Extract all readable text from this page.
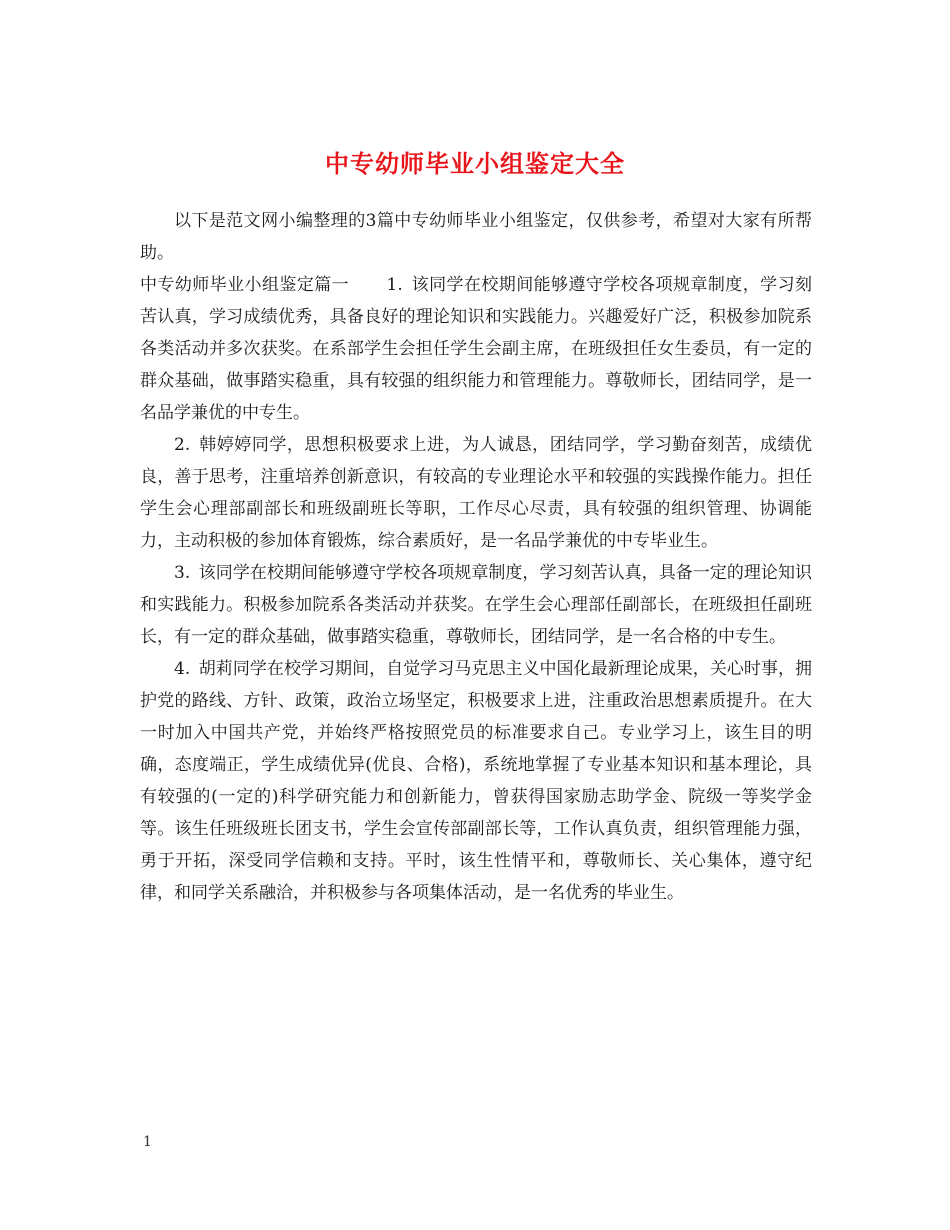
中专幼师毕业小组鉴定大全

以下是范文网小编整理的3篇中专幼师毕业小组鉴定，仅供参考，希望对大家有所帮助。

中专幼师毕业小组鉴定篇一 1. 该同学在校期间能够遵守学校各项规章制度，学习刻苦认真，学习成绩优秀，具备良好的理论知识和实践能力。兴趣爱好广泛，积极参加院系各类活动并多次获奖。在系部学生会担任学生会副主席，在班级担任女生委员，有一定的群众基础，做事踏实稳重，具有较强的组织能力和管理能力。尊敬师长，团结同学，是一名品学兼优的中专生。

2. 韩婷婷同学，思想积极要求上进，为人诚恳，团结同学，学习勤奋刻苦，成绩优良，善于思考，注重培养创新意识，有较高的专业理论水平和较强的实践操作能力。担任学生会心理部副部长和班级副班长等职，工作尽心尽责，具有较强的组织管理、协调能力，主动积极的参加体育锻炼，综合素质好，是一名品学兼优的中专毕业生。

3. 该同学在校期间能够遵守学校各项规章制度，学习刻苦认真，具备一定的理论知识和实践能力。积极参加院系各类活动并获奖。在学生会心理部任副部长，在班级担任副班长，有一定的群众基础，做事踏实稳重，尊敬师长，团结同学，是一名合格的中专生。

4. 胡莉同学在校学习期间，自觉学习马克思主义中国化最新理论成果，关心时事，拥护党的路线、方针、政策，政治立场坚定，积极要求上进，注重政治思想素质提升。在大一时加入中国共产党，并始终严格按照党员的标准要求自己。专业学习上，该生目的明确，态度端正，学生成绩优异(优良、合格)，系统地掌握了专业基本知识和基本理论，具有较强的(一定的)科学研究能力和创新能力，曾获得国家励志助学金、院级一等奖学金等。该生任班级班长团支书，学生会宣传部副部长等，工作认真负责，组织管理能力强，勇于开拓，深受同学信赖和支持。平时，该生性情平和，尊敬师长、关心集体，遵守纪律，和同学关系融洽，并积极参与各项集体活动，是一名优秀的毕业生。

1
